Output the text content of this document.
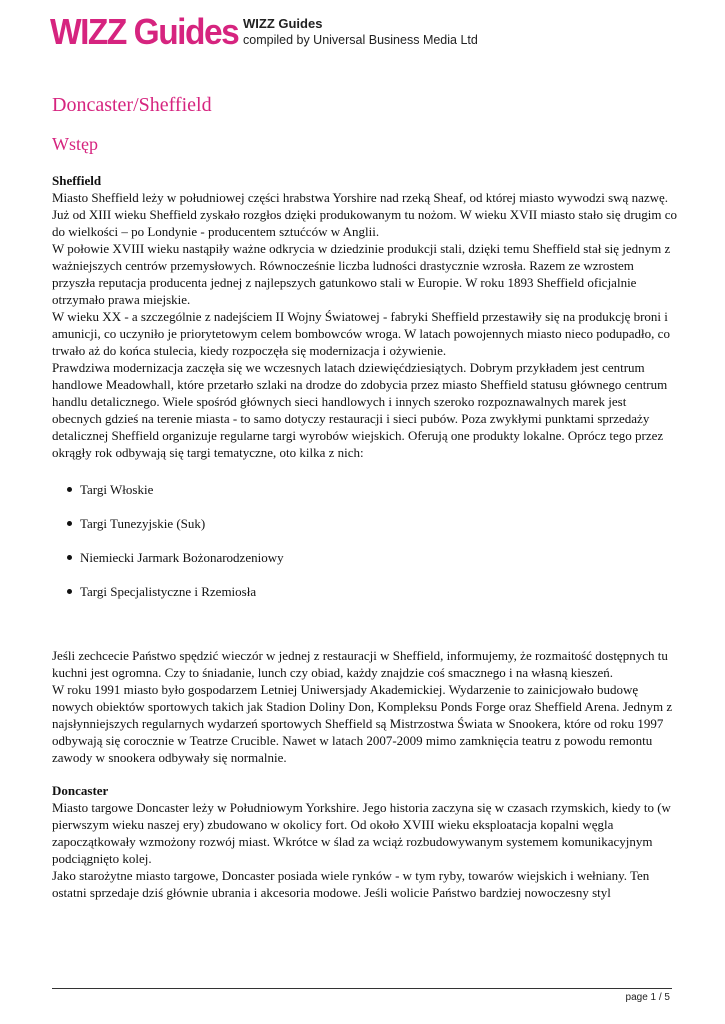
WIZZ Guides WIZZ Guides
compiled by Universal Business Media Ltd
Doncaster/Sheffield
Wstęp
Sheffield

Miasto Sheffield leży w południowej części hrabstwa Yorshire nad rzeką Sheaf, od której miasto wywodzi swą nazwę. Już od XIII wieku Sheffield zyskało rozgłos dzięki produkowanym tu nożom. W wieku XVII miasto stało się drugim co do wielkości – po Londynie - producentem sztućców w Anglii.

W połowie XVIII wieku nastąpiły ważne odkrycia w dziedzinie produkcji stali, dzięki temu Sheffield stał się jednym z ważniejszych centrów przemysłowych. Równocześnie liczba ludności drastycznie wzrosła. Razem ze wzrostem przyszła reputacja producenta jednej z najlepszych gatunkowo stali w Europie. W roku 1893 Sheffield oficjalnie otrzymało prawa miejskie.

W wieku XX - a szczególnie z nadejściem II Wojny Światowej - fabryki Sheffield przestawiły się na produkcję broni i amunicji, co uczyniło je priorytetowym celem bombowców wroga. W latach powojennych miasto nieco podupadło, co trwało aż do końca stulecia, kiedy rozpoczęła się modernizacja i ożywienie.

Prawdziwa modernizacja zaczęła się we wczesnych latach dziewięćdziesiątych. Dobrym przykładem jest centrum handlowe Meadowhall, które przetarło szlaki na drodze do zdobycia przez miasto Sheffield statusu głównego centrum handlu detalicznego. Wiele spośród głównych sieci handlowych i innych szeroko rozpoznawalnych marek jest obecnych gdzieś na terenie miasta - to samo dotyczy restauracji i sieci pubów. Poza zwykłymi punktami sprzedaży detalicznej Sheffield organizuje regularne targi wyrobów wiejskich. Oferują one produkty lokalne. Oprócz tego przez okrągły rok odbywają się targi tematyczne, oto kilka z nich:

Targi Włoskie
Targi Tunezyjskie (Suk)
Niemiecki Jarmark Bożonarodzeniowy
Targi Specjalistyczne i Rzemiosła

Jeśli zechcecie Państwo spędzić wieczór w jednej z restauracji w Sheffield, informujemy, że rozmaitość dostępnych tu kuchni jest ogromna. Czy to śniadanie, lunch czy obiad, każdy znajdzie coś smacznego i na własną kieszeń.

W roku 1991 miasto było gospodarzem Letniej Uniwersjady Akademickiej. Wydarzenie to zainicjowało budowę nowych obiektów sportowych takich jak Stadion Doliny Don, Kompleksu Ponds Forge oraz Sheffield Arena. Jednym z najsłynniejszych regularnych wydarzeń sportowych Sheffield są Mistrzostwa Świata w Snookera, które od roku 1997 odbywają się corocznie w Teatrze Crucible. Nawet w latach 2007-2009 mimo zamknięcia teatru z powodu remontu zawody w snookera odbywały się normalnie.

Doncaster

Miasto targowe Doncaster leży w Południowym Yorkshire. Jego historia zaczyna się w czasach rzymskich, kiedy to (w pierwszym wieku naszej ery) zbudowano w okolicy fort. Od około XVIII wieku eksploatacja kopalni węgla zapoczątkowały wzmożony rozwój miast. Wkrótce w ślad za wciąż rozbudowywanym systemem komunikacyjnym podciągnięto kolej.

Jako starożytne miasto targowe, Doncaster posiada wiele rynków - w tym ryby, towarów wiejskich i wełniany. Ten ostatni sprzedaje dziś głównie ubrania i akcesoria modowe. Jeśli wolicie Państwo bardziej nowoczesny styl

page 1 / 5
